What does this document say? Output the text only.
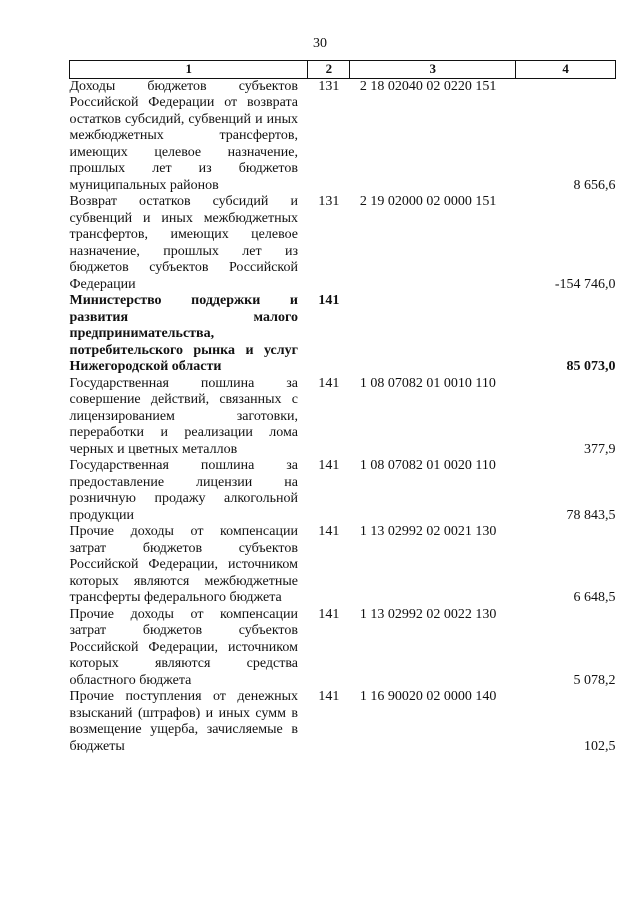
30
1	2	3	4
Доходы бюджетов субъектов Российской Федерации от возврата остатков субсидий, субвенций и иных межбюджетных трансфертов, имеющих целевое назначение, прошлых лет из бюджетов муниципальных районов	131	2 18 02040 02 0220 151	8 656,6
Возврат остатков субсидий и субвенций и иных межбюджетных трансфертов, имеющих целевое назначение, прошлых лет из бюджетов субъектов Российской Федерации	131	2 19 02000 02 0000 151	-154 746,0
Министерство поддержки и развития малого предпринимательства, потребительского рынка и услуг Нижегородской области	141		85 073,0
Государственная пошлина за совершение действий, связанных с лицензированием заготовки, переработки и реализации лома черных и цветных металлов	141	1 08 07082 01 0010 110	377,9
Государственная пошлина за предоставление лицензии на розничную продажу алкогольной продукции	141	1 08 07082 01 0020 110	78 843,5
Прочие доходы от компенсации затрат бюджетов субъектов Российской Федерации, источником которых являются межбюджетные трансферты федерального бюджета	141	1 13 02992 02 0021 130	6 648,5
Прочие доходы от компенсации затрат бюджетов субъектов Российской Федерации, источником которых являются средства областного бюджета	141	1 13 02992 02 0022 130	5 078,2
Прочие поступления от денежных взысканий (штрафов) и иных сумм в возмещение ущерба, зачисляемые в бюджеты	141	1 16 90020 02 0000 140	102,5
